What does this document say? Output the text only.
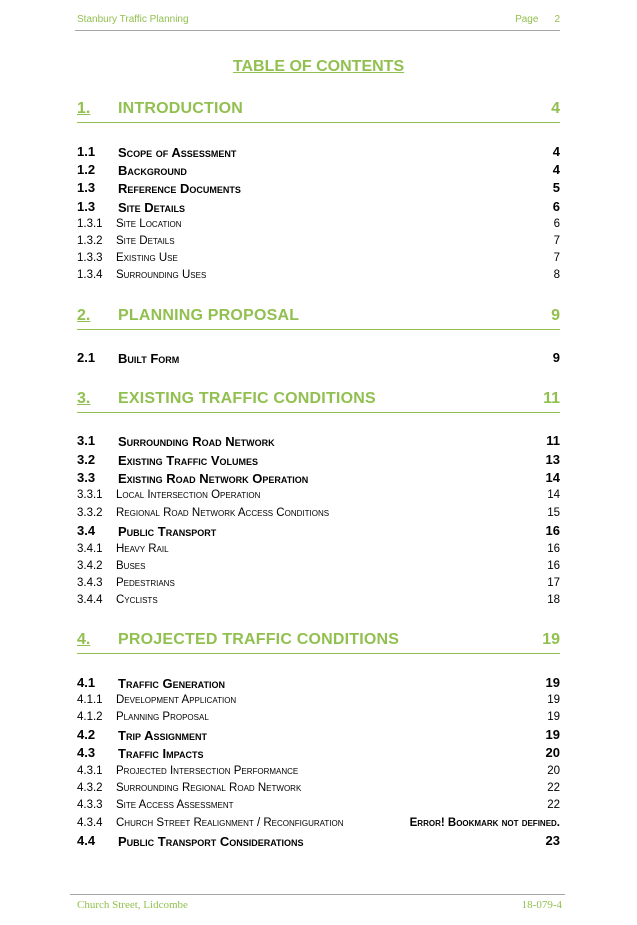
Stanbury Traffic Planning	Page 2
TABLE OF CONTENTS
1. INTRODUCTION	4
1.1 Scope of Assessment	4
1.2 Background	4
1.3 Reference Documents	5
1.3 Site Details	6
1.3.1 Site Location	6
1.3.2 Site Details	7
1.3.3 Existing Use	7
1.3.4 Surrounding Uses	8
2. PLANNING PROPOSAL	9
2.1 Built Form	9
3. EXISTING TRAFFIC CONDITIONS	11
3.1 Surrounding Road Network	11
3.2 Existing Traffic Volumes	13
3.3 Existing Road Network Operation	14
3.3.1 Local Intersection Operation	14
3.3.2 Regional Road Network Access Conditions	15
3.4 Public Transport	16
3.4.1 Heavy Rail	16
3.4.2 Buses	16
3.4.3 Pedestrians	17
3.4.4 Cyclists	18
4. PROJECTED TRAFFIC CONDITIONS	19
4.1 Traffic Generation	19
4.1.1 Development Application	19
4.1.2 Planning Proposal	19
4.2 Trip Assignment	19
4.3 Traffic Impacts	20
4.3.1 Projected Intersection Performance	20
4.3.2 Surrounding Regional Road Network	22
4.3.3 Site Access Assessment	22
4.3.4 Church Street Realignment / Reconfiguration	Error! Bookmark not defined.
4.4 Public Transport Considerations	23
Church Street, Lidcombe	18-079-4
